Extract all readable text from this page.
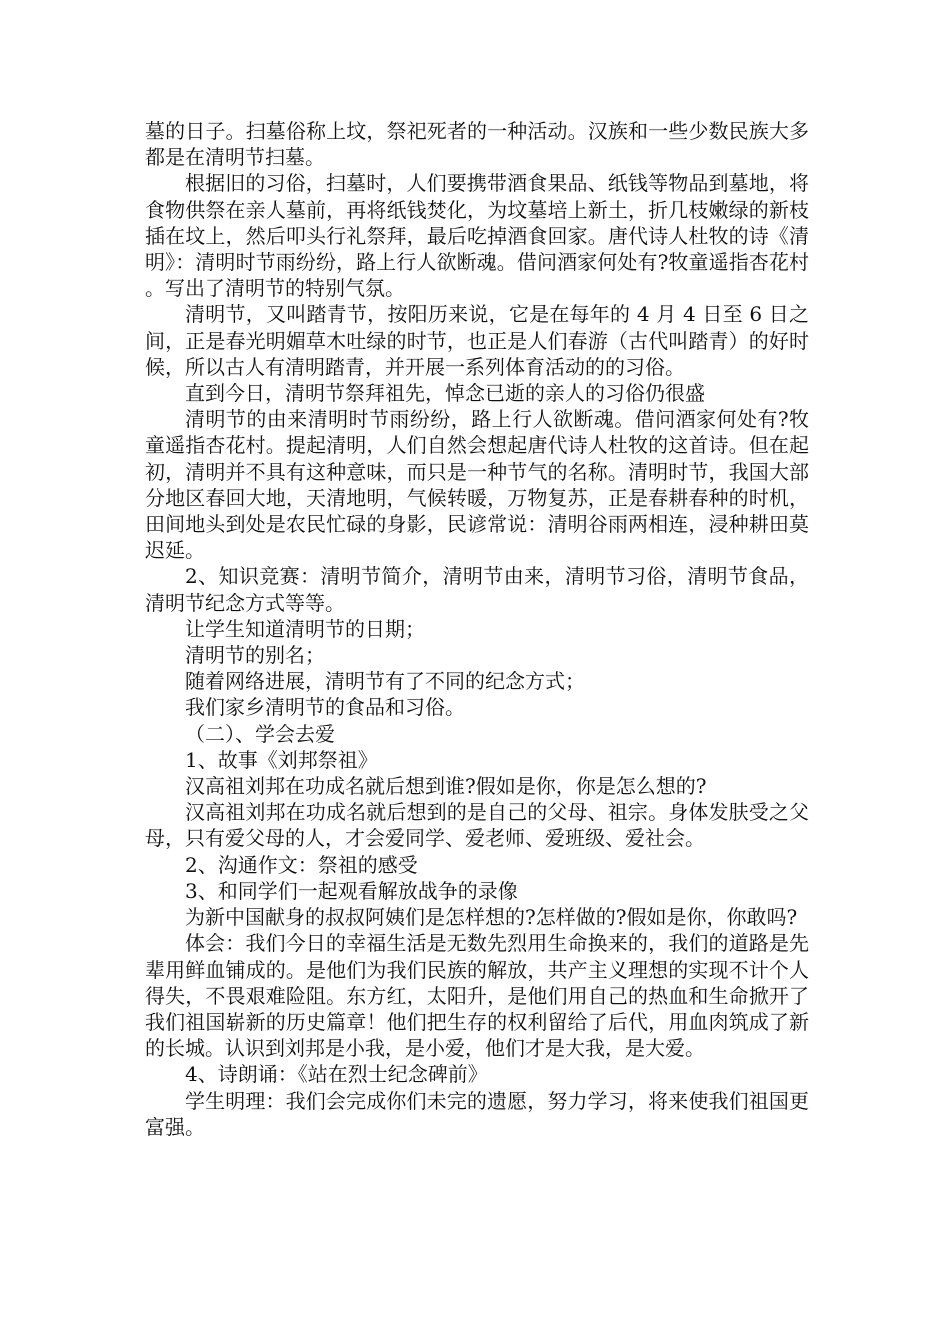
墓的日子。扫墓俗称上坟，祭祀死者的一种活动。汉族和一些少数民族大多都是在清明节扫墓。

根据旧的习俗，扫墓时，人们要携带酒食果品、纸钱等物品到墓地，将食物供祭在亲人墓前，再将纸钱焚化，为坟墓培上新土，折几枝嫩绿的新枝插在坟上，然后叩头行礼祭拜，最后吃掉酒食回家。唐代诗人杜牧的诗《清明》：清明时节雨纷纷，路上行人欲断魂。借问酒家何处有?牧童遥指杏花村。写出了清明节的特别气氛。

清明节，又叫踏青节，按阳历来说，它是在每年的 4 月 4 日至 6 日之间，正是春光明媚草木吐绿的时节，也正是人们春游（古代叫踏青）的好时候，所以古人有清明踏青，并开展一系列体育活动的的习俗。

直到今日，清明节祭拜祖先，悼念已逝的亲人的习俗仍很盛

清明节的由来清明时节雨纷纷，路上行人欲断魂。借问酒家何处有?牧童遥指杏花村。提起清明，人们自然会想起唐代诗人杜牧的这首诗。但在起初，清明并不具有这种意味，而只是一种节气的名称。清明时节，我国大部分地区春回大地，天清地明，气候转暖，万物复苏，正是春耕春种的时机，田间地头到处是农民忙碌的身影，民谚常说：清明谷雨两相连，浸种耕田莫迟延。

2、知识竞赛：清明节简介，清明节由来，清明节习俗，清明节食品，清明节纪念方式等等。

让学生知道清明节的日期；

清明节的别名；

随着网络进展，清明节有了不同的纪念方式；

我们家乡清明节的食品和习俗。

（二）、学会去爱

1、故事《刘邦祭祖》

汉高祖刘邦在功成名就后想到谁?假如是你，你是怎么想的?

汉高祖刘邦在功成名就后想到的是自己的父母、祖宗。身体发肤受之父母，只有爱父母的人，才会爱同学、爱老师、爱班级、爱社会。

2、沟通作文：祭祖的感受

3、和同学们一起观看解放战争的录像

为新中国献身的叔叔阿姨们是怎样想的?怎样做的?假如是你，你敢吗?

体会：我们今日的幸福生活是无数先烈用生命换来的，我们的道路是先辈用鲜血铺成的。是他们为我们民族的解放，共产主义理想的实现不计个人得失，不畏艰难险阻。东方红，太阳升，是他们用自己的热血和生命掀开了我们祖国崭新的历史篇章！他们把生存的权利留给了后代，用血肉筑成了新的长城。认识到刘邦是小我，是小爱，他们才是大我，是大爱。

4、诗朗诵：《站在烈士纪念碑前》

学生明理：我们会完成你们未完的遗愿，努力学习，将来使我们祖国更富强。
